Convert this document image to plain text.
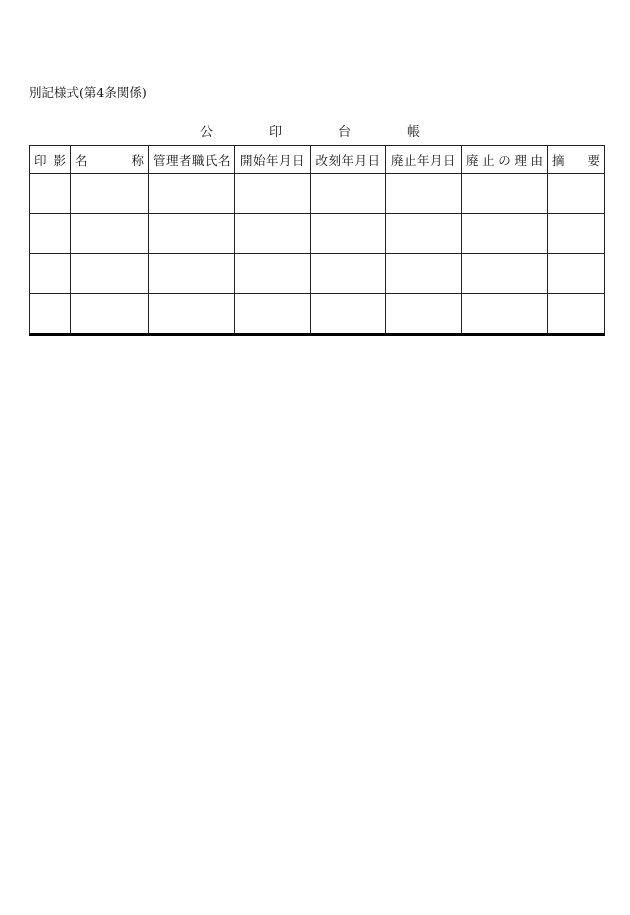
別記様式(第4条関係)
公	印	台	帳
印 影	名 称	管理者職氏名	開始年月日	改刻年月日	廃止年月日	廃 止 の 理 由	摘 要
